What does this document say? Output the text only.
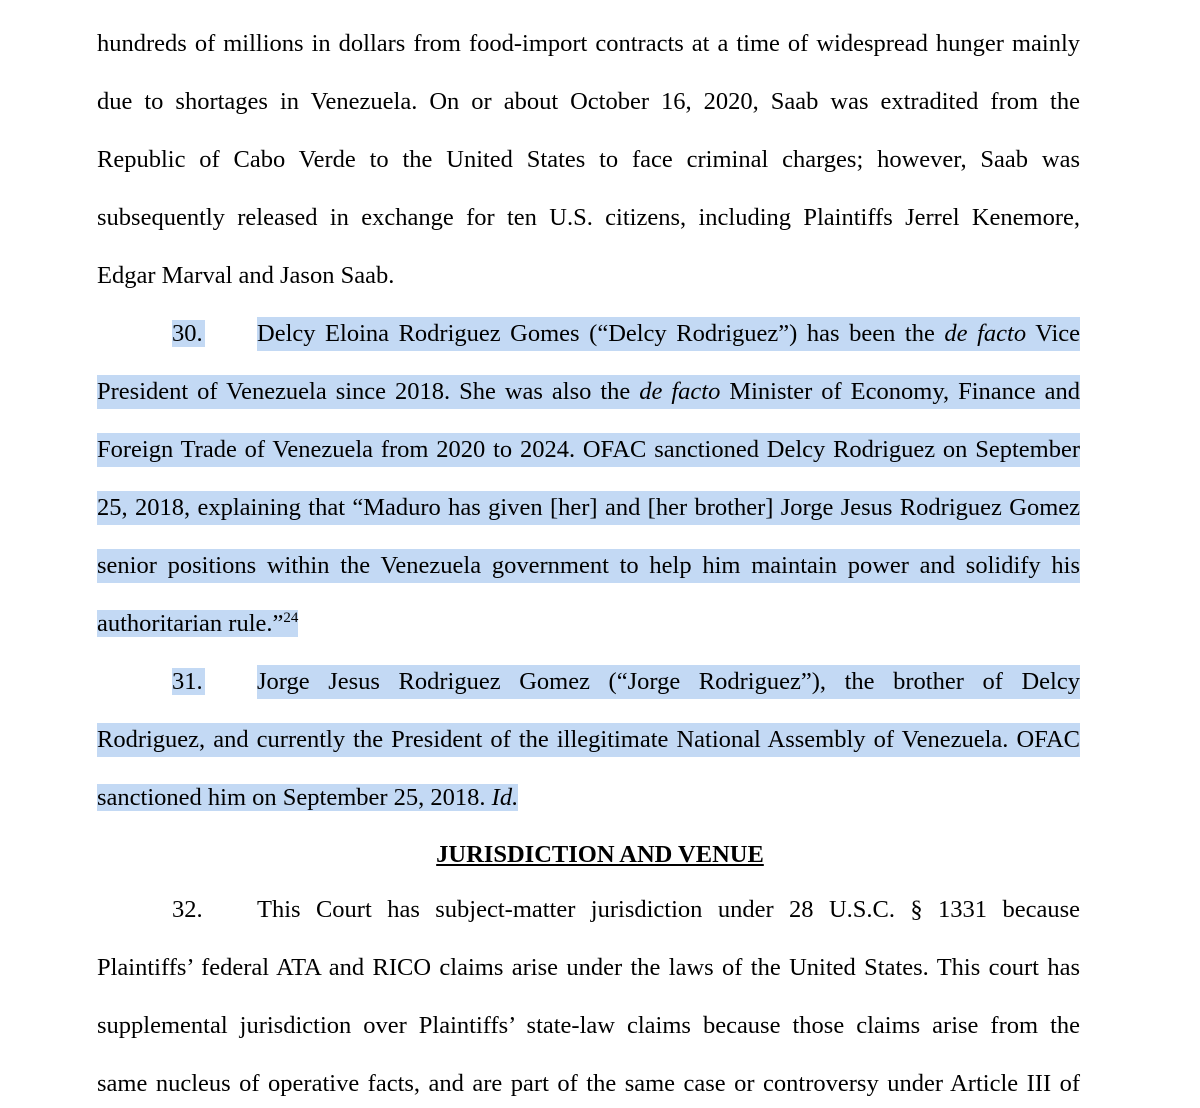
hundreds of millions in dollars from food-import contracts at a time of widespread hunger mainly
due to shortages in Venezuela. On or about October 16, 2020, Saab was extradited from the
Republic of Cabo Verde to the United States to face criminal charges; however, Saab was
subsequently released in exchange for ten U.S. citizens, including Plaintiffs Jerrel Kenemore,
Edgar Marval and Jason Saab.
30. Delcy Eloina Rodriguez Gomes (“Delcy Rodriguez”) has been the de facto Vice
President of Venezuela since 2018. She was also the de facto Minister of Economy, Finance and
Foreign Trade of Venezuela from 2020 to 2024. OFAC sanctioned Delcy Rodriguez on September
25, 2018, explaining that “Maduro has given [her] and [her brother] Jorge Jesus Rodriguez Gomez
senior positions within the Venezuela government to help him maintain power and solidify his
authoritarian rule.”$^{24}$
31. Jorge Jesus Rodriguez Gomez (“Jorge Rodriguez”), the brother of Delcy
Rodriguez, and currently the President of the illegitimate National Assembly of Venezuela. OFAC
sanctioned him on September 25, 2018. Id.
JURISDICTION AND VENUE
32. This Court has subject-matter jurisdiction under 28 U.S.C. § 1331 because
Plaintiffs’ federal ATA and RICO claims arise under the laws of the United States. This court has
supplemental jurisdiction over Plaintiffs’ state-law claims because those claims arise from the
same nucleus of operative facts, and are part of the same case or controversy under Article III of
